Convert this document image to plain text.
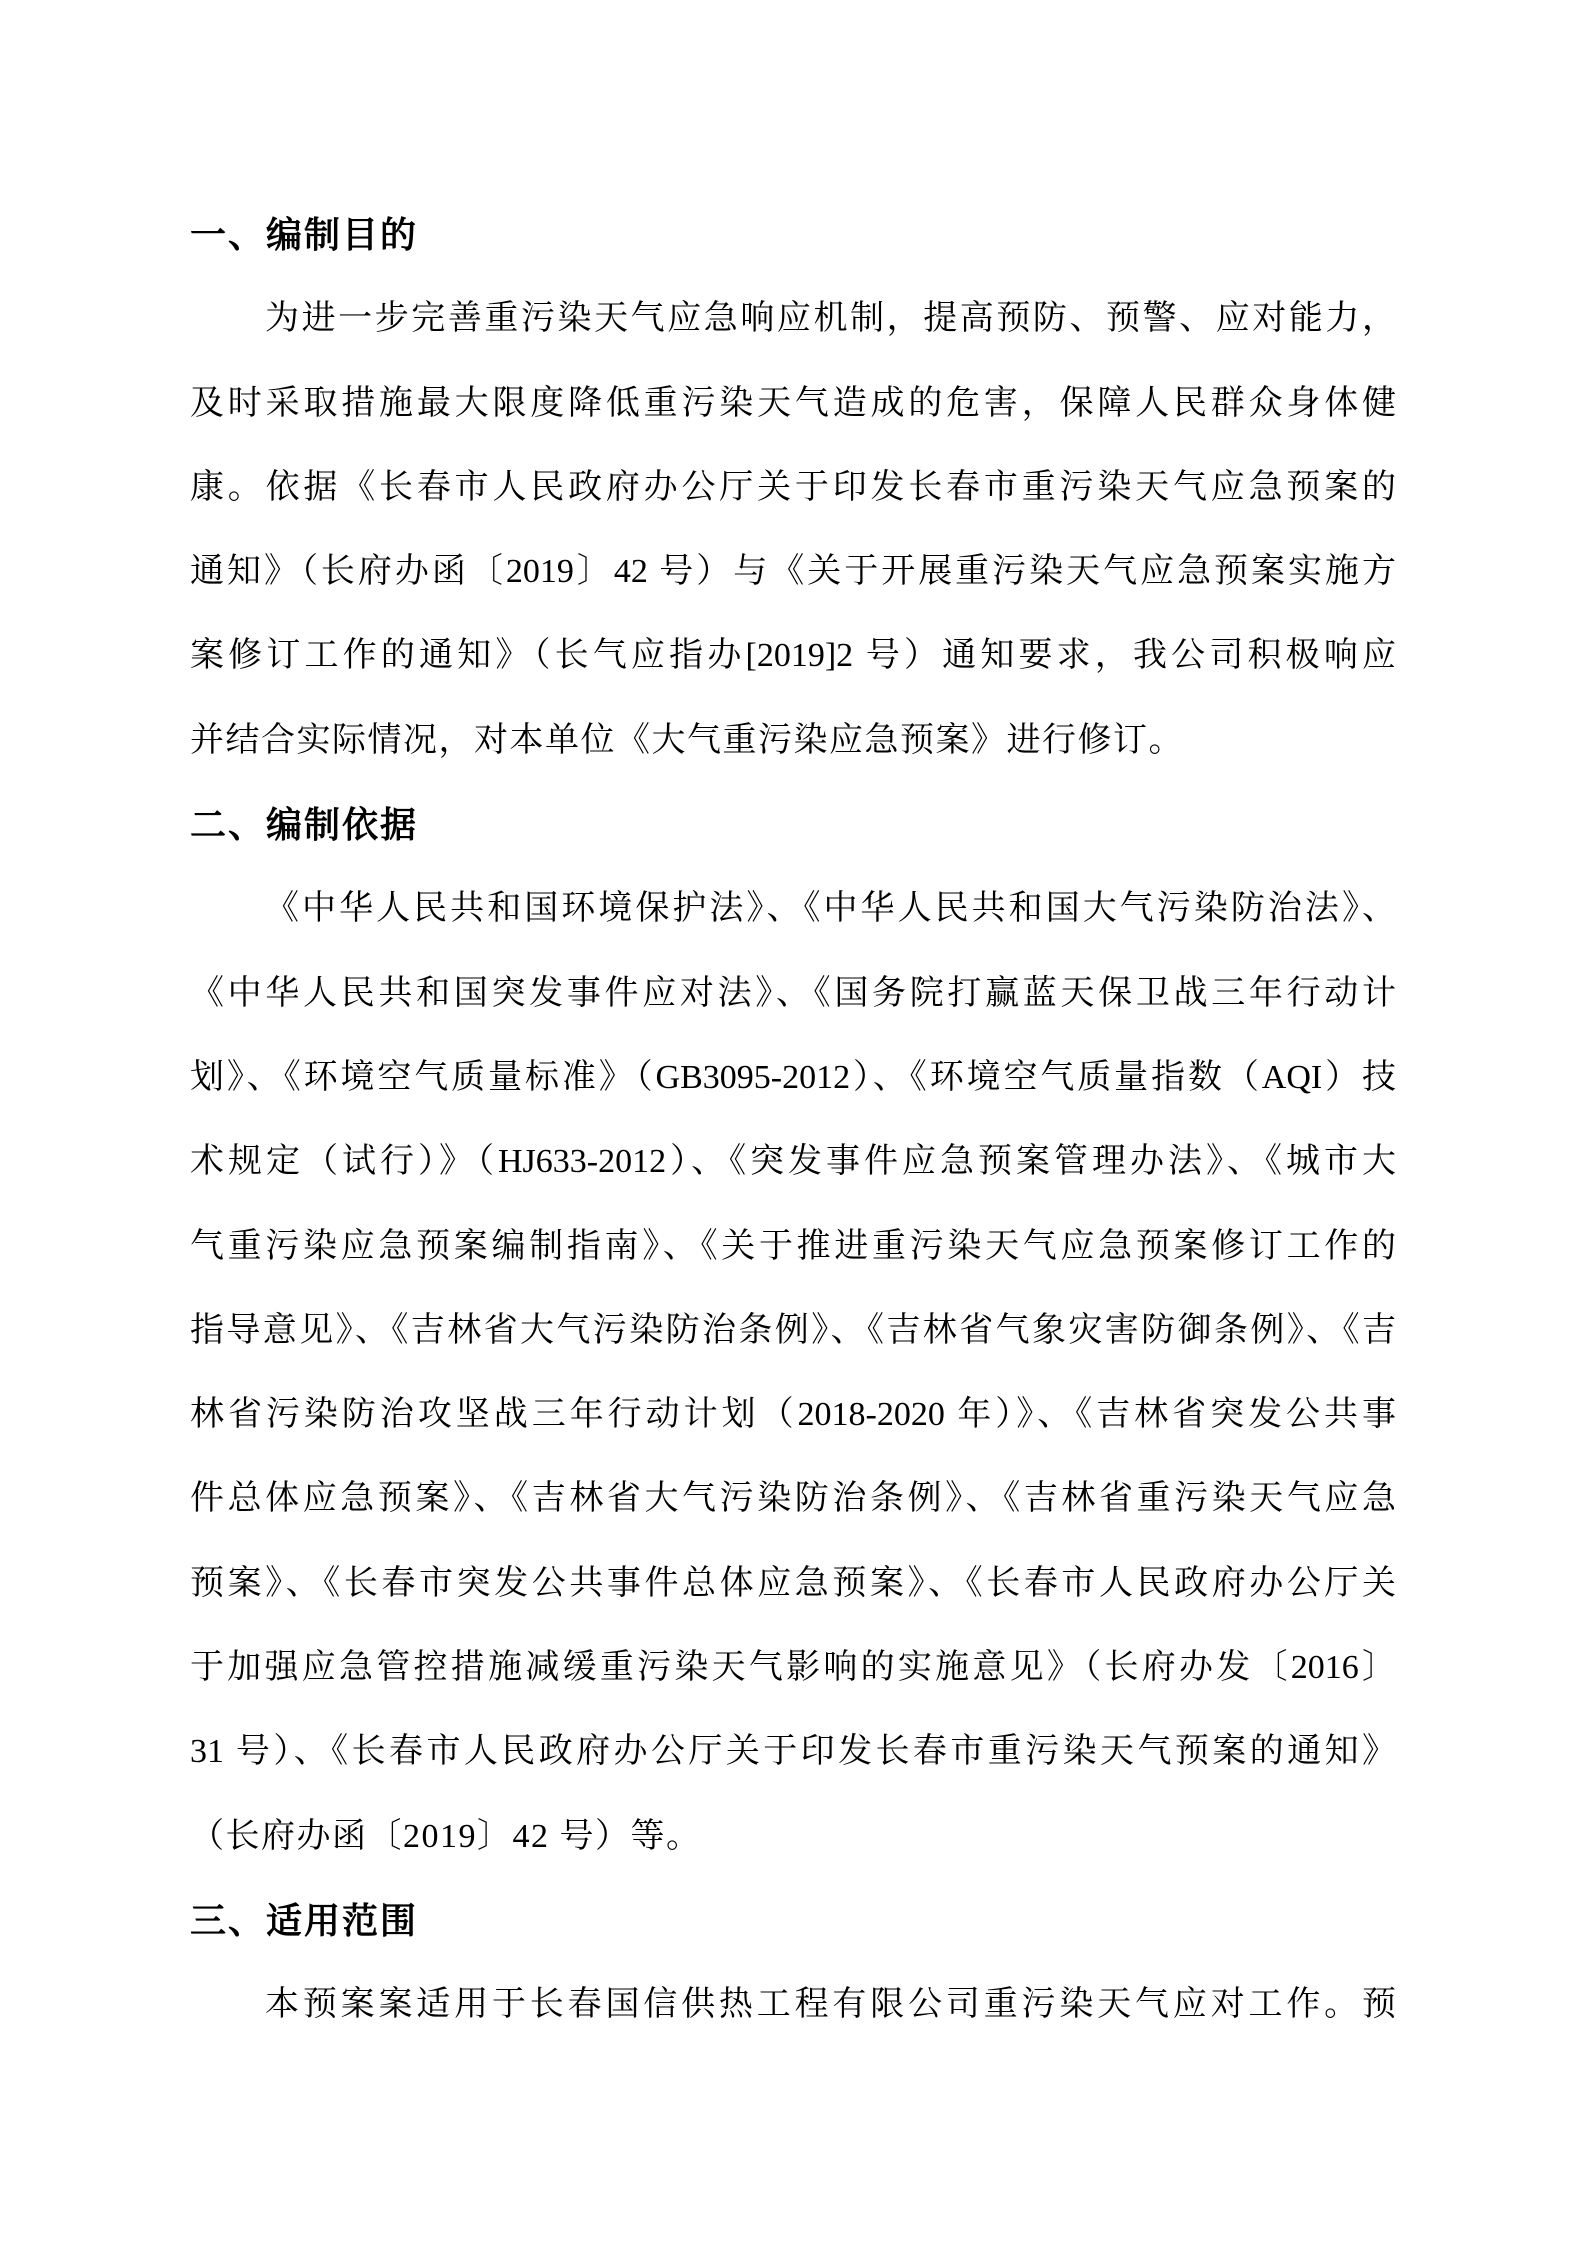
一、编制目的
为进一步完善重污染天气应急响应机制，提高预防、预警、应对能力，
及时采取措施最大限度降低重污染天气造成的危害，保障人民群众身体健
康。依据《长春市人民政府办公厅关于印发长春市重污染天气应急预案的
通知》（长府办函〔2019〕42 号）与《关于开展重污染天气应急预案实施方
案修订工作的通知》（长气应指办[2019]2 号）通知要求，我公司积极响应
并结合实际情况，对本单位《大气重污染应急预案》进行修订。
二、编制依据
《中华人民共和国环境保护法》、《中华人民共和国大气污染防治法》、
《中华人民共和国突发事件应对法》、《国务院打赢蓝天保卫战三年行动计
划》、《环境空气质量标准》（GB3095-2012）、《环境空气质量指数（AQI）技
术规定（试行）》（HJ633-2012）、《突发事件应急预案管理办法》、《城市大
气重污染应急预案编制指南》、《关于推进重污染天气应急预案修订工作的
指导意见》、《吉林省大气污染防治条例》、《吉林省气象灾害防御条例》、《吉
林省污染防治攻坚战三年行动计划（2018-2020 年）》、《吉林省突发公共事
件总体应急预案》、《吉林省大气污染防治条例》、《吉林省重污染天气应急
预案》、《长春市突发公共事件总体应急预案》、《长春市人民政府办公厅关
于加强应急管控措施减缓重污染天气影响的实施意见》（长府办发〔2016〕
31 号）、《长春市人民政府办公厅关于印发长春市重污染天气预案的通知》
（长府办函〔2019〕42 号）等。
三、适用范围
本预案案适用于长春国信供热工程有限公司重污染天气应对工作。预
